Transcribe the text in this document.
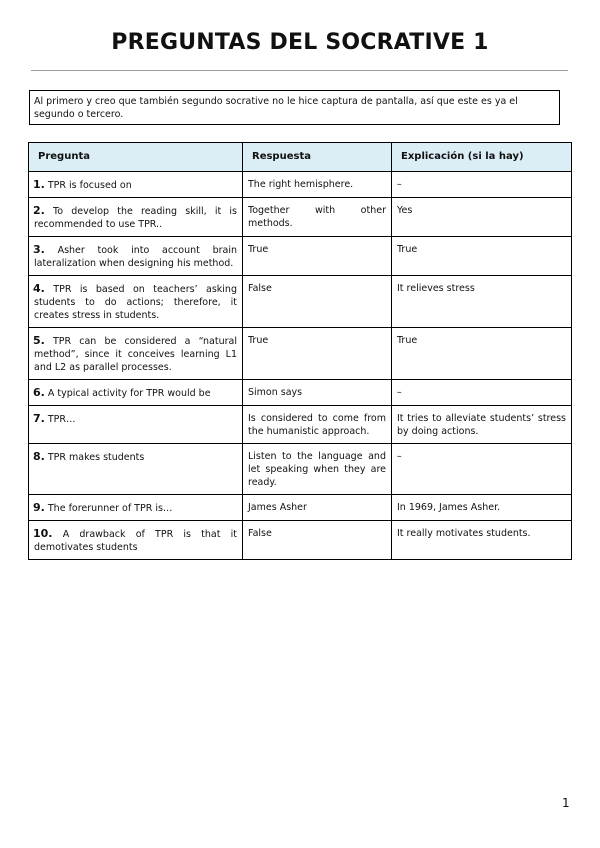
PREGUNTAS DEL SOCRATIVE 1
Al primero y creo que también segundo socrative no le hice captura de pantalla, así que este es ya el segundo o tercero.
Pregunta	Respuesta	Explicación (si la hay)
1. TPR is focused on	The right hemisphere.	–
2. To develop the reading skill, it is recommended to use TPR..	Together with other methods.	Yes
3. Asher took into account brain lateralization when designing his method.	True	True
4. TPR is based on teachers’ asking students to do actions; therefore, it creates stress in students.	False	It relieves stress
5. TPR can be considered a “natural method”, since it conceives learning L1 and L2 as parallel processes.	True	True
6. A typical activity for TPR would be	Simon says	–
7. TPR…	Is considered to come from the humanistic approach.	It tries to alleviate students’ stress by doing actions.
8. TPR makes students	Listen to the language and let speaking when they are ready.	–
9. The forerunner of TPR is…	James Asher	In 1969, James Asher.
10. A drawback of TPR is that it demotivates students	False	It really motivates students.
1
